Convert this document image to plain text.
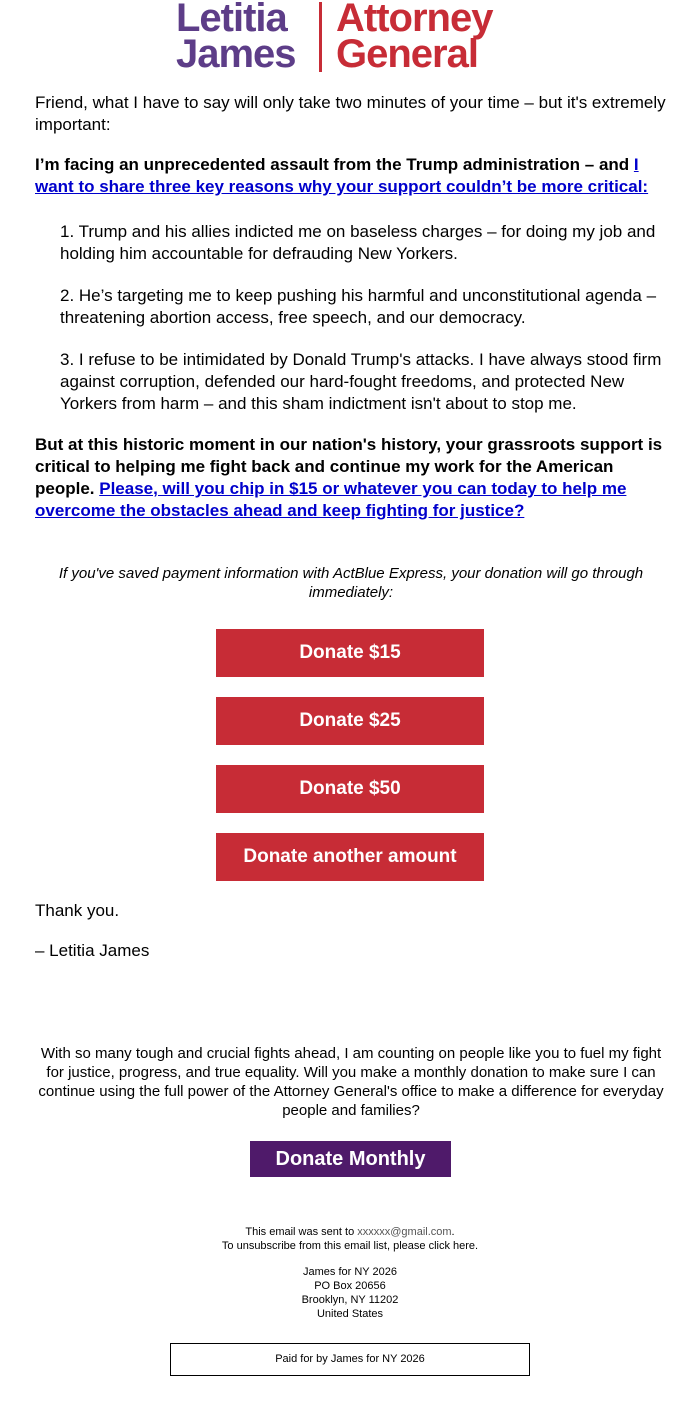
Letitia
James
Attorney
General

Friend, what I have to say will only take two minutes of your time – but it's extremely important:

I’m facing an unprecedented assault from the Trump administration – and I want to share three key reasons why your support couldn’t be more critical:

1. Trump and his allies indicted me on baseless charges – for doing my job and holding him accountable for defrauding New Yorkers.

2. He’s targeting me to keep pushing his harmful and unconstitutional agenda – threatening abortion access, free speech, and our democracy.

3. I refuse to be intimidated by Donald Trump's attacks. I have always stood firm against corruption, defended our hard-fought freedoms, and protected New Yorkers from harm – and this sham indictment isn't about to stop me.

But at this historic moment in our nation's history, your grassroots support is critical to helping me fight back and continue my work for the American people. Please, will you chip in $15 or whatever you can today to help me overcome the obstacles ahead and keep fighting for justice?

If you've saved payment information with ActBlue Express, your donation will go through immediately:
Donate $15
Donate $25
Donate $50
Donate another amount
Thank you.
– Letitia James
With so many tough and crucial fights ahead, I am counting on people like you to fuel my fight for justice, progress, and true equality. Will you make a monthly donation to make sure I can continue using the full power of the Attorney General's office to make a difference for everyday people and families?
Donate Monthly

This email was sent to xxxxxx@gmail.com.

To unsubscribe from this email list, please click here.

James for NY 2026

PO Box 20656

Brooklyn, NY 11202

United States

Paid for by James for NY 2026
